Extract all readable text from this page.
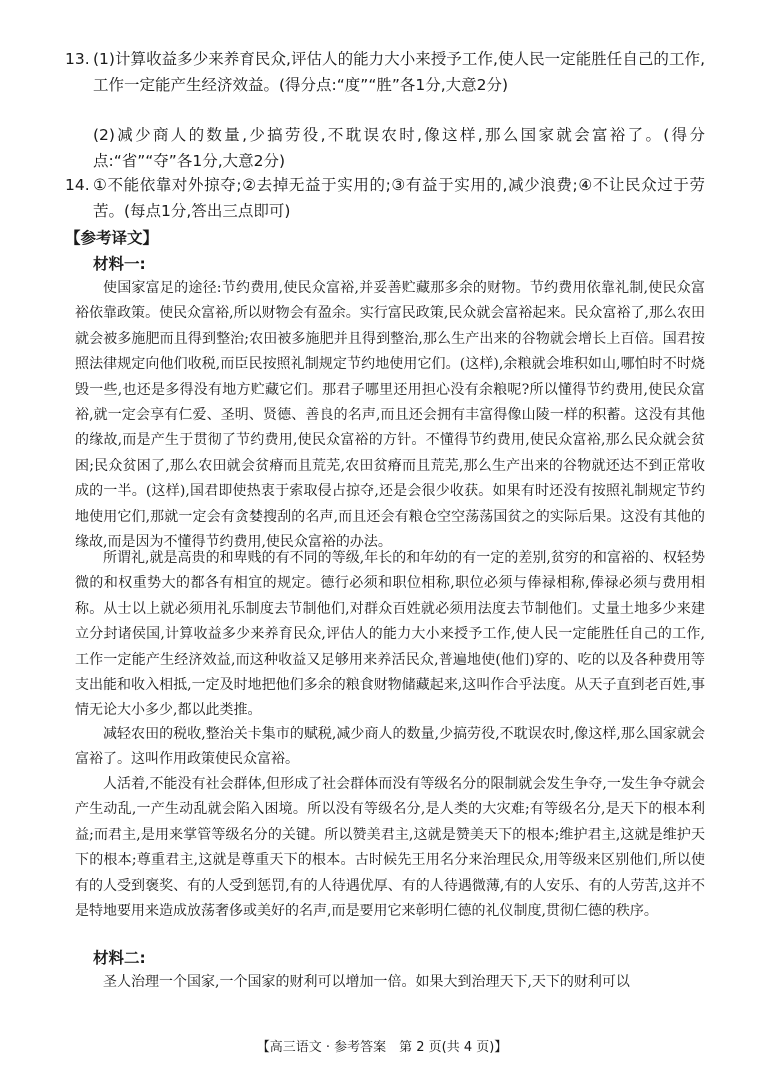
13. (1)计算收益多少来养育民众,评估人的能力大小来授予工作,使人民一定能胜任自己的工作,工作一定能产生经济效益。(得分点:“度”“胜”各1分,大意2分)
(2)减少商人的数量,少搞劳役,不耽误农时,像这样,那么国家就会富裕了。(得分点:“省”“夺”各1分,大意2分)
14. ①不能依靠对外掠夺;②去掉无益于实用的;③有益于实用的,减少浪费;④不让民众过于劳苦。(每点1分,答出三点即可)
【参考译文】
材料一:

使国家富足的途径:节约费用,使民众富裕,并妥善贮藏那多余的财物。节约费用依靠礼制,使民众富裕依靠政策。使民众富裕,所以财物会有盈余。实行富民政策,民众就会富裕起来。民众富裕了,那么农田就会被多施肥而且得到整治;农田被多施肥并且得到整治,那么生产出来的谷物就会增长上百倍。国君按照法律规定向他们收税,而臣民按照礼制规定节约地使用它们。(这样),余粮就会堆积如山,哪怕时不时烧毁一些,也还是多得没有地方贮藏它们。那君子哪里还用担心没有余粮呢?所以懂得节约费用,使民众富裕,就一定会享有仁爱、圣明、贤德、善良的名声,而且还会拥有丰富得像山陵一样的积蓄。这没有其他的缘故,而是产生于贯彻了节约费用,使民众富裕的方针。不懂得节约费用,使民众富裕,那么民众就会贫困;民众贫困了,那么农田就会贫瘠而且荒芜,农田贫瘠而且荒芜,那么生产出来的谷物就还达不到正常收成的一半。(这样),国君即使热衷于索取侵占掠夺,还是会很少收获。如果有时还没有按照礼制规定节约地使用它们,那就一定会有贪婪搜刮的名声,而且还会有粮仓空空荡荡国贫之的实际后果。这没有其他的缘故,而是因为不懂得节约费用,使民众富裕的办法。

所谓礼,就是高贵的和卑贱的有不同的等级,年长的和年幼的有一定的差别,贫穷的和富裕的、权轻势微的和权重势大的都各有相宜的规定。德行必须和职位相称,职位必须与俸禄相称,俸禄必须与费用相称。从士以上就必须用礼乐制度去节制他们,对群众百姓就必须用法度去节制他们。丈量土地多少来建立分封诸侯国,计算收益多少来养育民众,评估人的能力大小来授予工作,使人民一定能胜任自己的工作,工作一定能产生经济效益,而这种收益又足够用来养活民众,普遍地使(他们)穿的、吃的以及各种费用等支出能和收入相抵,一定及时地把他们多余的粮食财物储藏起来,这叫作合乎法度。从天子直到老百姓,事情无论大小多少,都以此类推。

减轻农田的税收,整治关卡集市的赋税,减少商人的数量,少搞劳役,不耽误农时,像这样,那么国家就会富裕了。这叫作用政策使民众富裕。

人活着,不能没有社会群体,但形成了社会群体而没有等级名分的限制就会发生争夺,一发生争夺就会产生动乱,一产生动乱就会陷入困境。所以没有等级名分,是人类的大灾难;有等级名分,是天下的根本利益;而君主,是用来掌管等级名分的关键。所以赞美君主,这就是赞美天下的根本;维护君主,这就是维护天下的根本;尊重君主,这就是尊重天下的根本。古时候先王用名分来治理民众,用等级来区别他们,所以使有的人受到褒奖、有的人受到惩罚,有的人待遇优厚、有的人待遇微薄,有的人安乐、有的人劳苦,这并不是特地要用来造成放荡奢侈或美好的名声,而是要用它来彰明仁德的礼仪制度,贯彻仁德的秩序。

材料二:

圣人治理一个国家,一个国家的财利可以增加一倍。如果大到治理天下,天下的财利可以

【高三语文 · 参考答案　第 2 页(共 4 页)】
